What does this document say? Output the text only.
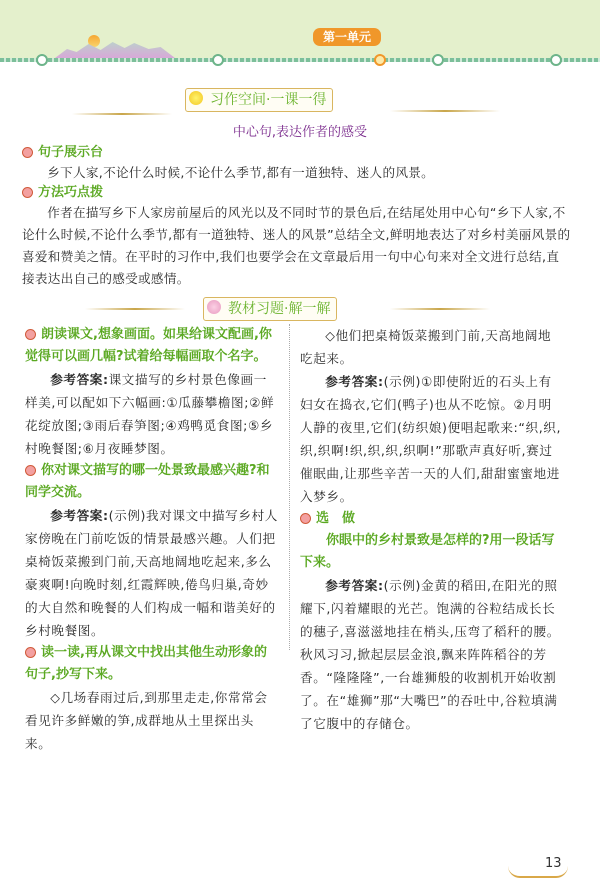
第一单元
习作空间·一课一得
中心句,表达作者的感受
句子展示台

乡下人家,不论什么时候,不论什么季节,都有一道独特、迷人的风景。

方法巧点拨

作者在描写乡下人家房前屋后的风光以及不同时节的景色后,在结尾处用中心句“乡下人家,不论什么时候,不论什么季节,都有一道独特、迷人的风景”总结全文,鲜明地表达了对乡村美丽风景的喜爱和赞美之情。在平时的习作中,我们也要学会在文章最后用一句中心句来对全文进行总结,直接表达出自己的感受或感情。

教材习题·解一解
朗读课文,想象画面。如果给课文配画,你觉得可以画几幅?试着给每幅画取个名字。

参考答案:课文描写的乡村景色像画一样美,可以配如下六幅画:①瓜藤攀檐图;②鲜花绽放图;③雨后春笋图;④鸡鸭觅食图;⑤乡村晚餐图;⑥月夜睡梦图。

你对课文描写的哪一处景致最感兴趣?和同学交流。

参考答案:(示例)我对课文中描写乡村人家傍晚在门前吃饭的情景最感兴趣。人们把桌椅饭菜搬到门前,天高地阔地吃起来,多么豪爽啊!向晚时刻,红霞辉映,倦鸟归巢,奇妙的大自然和晚餐的人们构成一幅和谐美好的乡村晚餐图。

读一读,再从课文中找出其他生动形象的句子,抄写下来。

◇几场春雨过后,到那里走走,你常常会看见许多鲜嫩的笋,成群地从土里探出头来。

◇他们把桌椅饭菜搬到门前,天高地阔地吃起来。

参考答案:(示例)①即使附近的石头上有妇女在捣衣,它们(鸭子)也从不吃惊。②月明人静的夜里,它们(纺织娘)便唱起歌来:“织,织,织,织啊!织,织,织,织啊!”那歌声真好听,赛过催眠曲,让那些辛苦一天的人们,甜甜蜜蜜地进入梦乡。

选　做
你眼中的乡村景致是怎样的?用一段话写下来。

参考答案:(示例)金黄的稻田,在阳光的照耀下,闪着耀眼的光芒。饱满的谷粒结成长长的穗子,喜滋滋地挂在梢头,压弯了稻秆的腰。秋风习习,掀起层层金浪,飘来阵阵稻谷的芳香。“隆隆隆”,一台雄狮般的收割机开始收割了。在“雄狮”那“大嘴巴”的吞吐中,谷粒填满了它腹中的存储仓。

13
